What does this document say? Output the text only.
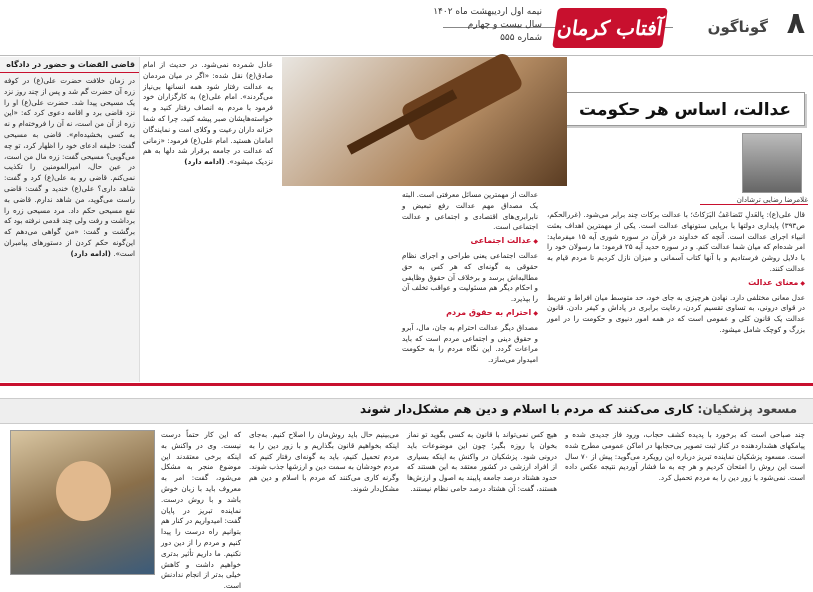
۸
گوناگون
آفتاب کرمان
نیمه اول اردیبهشت ماه ۱۴۰۲
سال بیست و چهارم
شماره ۵۵۵
عدالت، اساس هر حکومت
غلامرضا رضایی ترشادان
قال علی(ع): بِالعَدلِ تَتَضاعَفُ البَرَکاتُ؛ با عدالت برکات چند برابر می‌شود. (غررالحکم، ص۳۹۳) پایداری دولتها با برپایی ستونهای عدالت است. یکی از مهمترین اهداف بعثت انبیاء اجرای عدالت است. آنچه که خداوند در قرآن در سوره شوری آیه ۱۵ میفرماید: امر شده‌ام که میان شما عدالت کنم. و در سوره حدید آیه ۲۵ فرمود: ما رسولان خود را با دلایل روشن فرستادیم و با آنها کتاب آسمانی و میزان نازل کردیم تا مردم قیام به عدالت کنند.
◆ معنای عدالت
عدل معانی مختلفی دارد. نهادن هرچیزی به جای خود، حد متوسط میان افراط و تفریط در قوای درونی، به تساوی تقسیم کردن، رعایت برابری در پاداش و کیفر دادن. قانون عدالت یک قانون کلی و عمومی است که در همه امور دنیوی و حکومت را در امور بزرگ و کوچک شامل میشود.
عدالت از مهمترین مسائل معرفتی است. البته یک مصداق مهم عدالت رفع تبعیض و نابرابری‌های اقتصادی و اجتماعی و عدالت اجتماعی است.
◆ عدالت اجتماعی
عدالت اجتماعی یعنی طراحی و اجرای نظام حقوقی به گونه‌ای که هر کس به حق مطالبه‌اش برسد و برخلاف آن حقوق وظایفی و احکام دیگر هم مسئولیت و عواقب تخلف آن را بپذیرد.
◆ احترام به حقوق مردم
مصداق دیگر عدالت احترام به جان، مال، آبرو و حقوق دینی و اجتماعی مردم است که باید مراعات گردد. این نگاه مردم را به حکومت امیدوار می‌سازد.
عادل شمرده نمی‌شود. در حدیث از امام صادق(ع) نقل شده: «اگر در میان مردمان به عدالت رفتار شود همه انسانها بی‌نیاز می‌گردند». امام علی(ع) به کارگزاران خود فرمود با مردم به انصاف رفتار کنید و به خواسته‌هایشان صبر پیشه کنید، چرا که شما خزانه داران رعیت و وکلای امت و نمایندگان امامان هستید. امام علی(ع) فرمود: «زمانی که عدالت در جامعه برقرار شد دلها به هم نزدیک میشود». (ادامه دارد)
قاضی القضات و حضور در دادگاه
در زمان خلافت حضرت علی(ع) در کوفه زره آن حضرت گم شد و پس از چند روز نزد یک مسیحی پیدا شد. حضرت علی(ع) او را نزد قاضی برد و اقامه دعوی کرد که: «این زره از آن من است، نه آن را فروخته‌ام و نه به کسی بخشیده‌ام». قاضی به مسیحی گفت: خلیفه ادعای خود را اظهار کرد، تو چه می‌گویی؟ مسیحی گفت: زره مال من است، در عین حال، امیرالمومنین را تکذیب نمی‌کنم. قاضی رو به علی(ع) کرد و گفت: شاهد داری؟ علی(ع) خندید و گفت: قاضی راست می‌گوید، من شاهد ندارم. قاضی به نفع مسیحی حکم داد. مرد مسیحی زره را برداشت و رفت ولی چند قدمی نرفته بود که برگشت و گفت: «من گواهی می‌دهم که این‌گونه حکم کردن از دستورهای پیامبران است». (ادامه دارد)
مسعود پزشکیان: کاری می‌کنند که مردم با اسلام و دین هم مشکل‌دار شوند
چند صباحی است که برخورد با پدیده کشف حجاب، ورود فاز جدیدی شده و پیامکهای هشداردهنده در کنار ثبت تصویر بی‌حجابها در اماکن عمومی مطرح شده است. مسعود پزشکیان نماینده تبریز درباره این رویکرد می‌گوید: پیش از ۷۰ سال است این روش را امتحان کردیم و هر چه به ما فشار آوردیم نتیجه عکس داده است. نمی‌شود با زور دین را به مردم تحمیل کرد.
هیچ کس نمی‌تواند با قانون به کسی بگوید تو نماز بخوان یا روزه بگیر؛ چون این موضوعات باید درونی شود. پزشکیان در واکنش به اینکه بسیاری از افراد ارزشی در کشور معتقد به این هستند که حدود هشتاد درصد جامعه پایبند به اصول و ارزش‌ها هستند، گفت: آن هشتاد درصد حامی نظام نیستند.
می‌بینیم حال باید روش‌مان را اصلاح کنیم. به‌جای اینکه بخواهیم قانون بگذاریم و با زور دین را به مردم تحمیل کنیم، باید به گونه‌ای رفتار کنیم که مردم خودشان به سمت دین و ارزشها جذب شوند. وگرنه کاری می‌کنند که مردم با اسلام و دین هم مشکل‌دار شوند.
که این کار حتماً درست نیست. وی در واکنش به اینکه برخی معتقدند این موضوع منجر به مشکل می‌شود، گفت: امر به معروف باید با زبان خوش باشد و با روش درست. نماینده تبریز در پایان گفت: امیدواریم در کنار هم بتوانیم راه درست را پیدا کنیم و مردم را از دین دور نکنیم. ما داریم تأثیر بدتری خواهیم داشت و کاهش خیلی بدتر از انجام ندادنش است.
